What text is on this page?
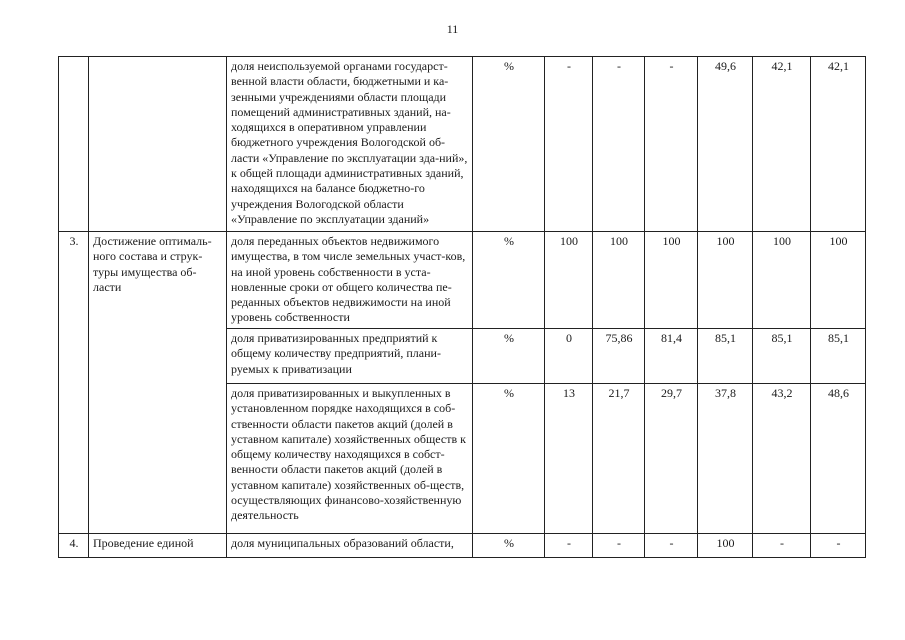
11

		доля неиспользуемой органами государст-венной власти области, бюджетными и ка-зенными учреждениями области площади помещений административных зданий, на-ходящихся в оперативном управлении бюджетного учреждения Вологодской об-ласти «Управление по эксплуатации зда-ний», к общей площади административных зданий, находящихся на балансе бюджетно-го учреждения Вологодской области «Управление по эксплуатации зданий»	%	-	-	-	49,6	42,1	42,1
3.	Достижение оптималь-ного состава и струк-туры имущества об-ласти	доля переданных объектов недвижимого имущества, в том числе земельных участ-ков, на иной уровень собственности в уста-новленные сроки от общего количества пе-реданных объектов недвижимости на иной уровень собственности	%	100	100	100	100	100	100

		доля приватизированных предприятий к общему количеству предприятий, плани-руемых к приватизации	%	0	75,86	81,4	85,1	85,1	85,1

		доля приватизированных и выкупленных в установленном порядке находящихся в соб-ственности области пакетов акций (долей в уставном капитале) хозяйственных обществ к общему количеству находящихся в собст-венности области пакетов акций (долей в уставном капитале) хозяйственных об-ществ, осуществляющих финансово-хозяйственную деятельность	%	13	21,7	29,7	37,8	43,2	48,6
4.	Проведение единой	доля муниципальных образований области,	%	-	-	-	100	-	-
